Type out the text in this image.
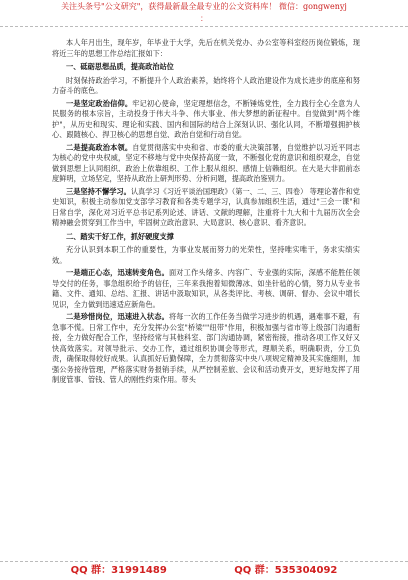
关注头条号"公文研究"，获得最新最全最专业的公文资料库！ 微信：gongwenyj
：

本人年月出生，现年岁，年毕业于大学，先后在机关党办、办公室等科室经历岗位锻炼，现将近三年的思想工作总结汇报如下：

一、砥砺思想品质，提高政治站位

时刻保持政治学习，不断提升个人政治素养，始终将个人政治建设作为成长进步的底座和努力奋斗的底色。

一是坚定政治信仰。牢记初心使命，坚定理想信念，不断锤炼党性，全力践行全心全意为人民服务的根本宗旨，主动投身于伟大斗争、伟大事业、伟大梦想的新征程中。自觉做到"两个维护"，从历史和现实、理论和实践、国内和国际的结合上深刻认识、强化认同，不断增强拥护核心、跟随核心、捍卫核心的思想自觉、政治自觉和行动自觉。

二是提高政治本领。自觉贯彻落实中央和省、市委的重大决策部署，自觉维护以习近平同志为核心的党中央权威，坚定不移地与党中央保持高度一致，不断强化党的意识和组织观念，自觉做到思想上认同组织、政治上依靠组织、工作上服从组织、感情上信赖组织。在大是大非面前态度鲜明，立场坚定，坚持从政治上研判形势、分析问题，提高政治鉴别力。

三是坚持不懈学习。认真学习《习近平谈治国理政》（第一、二、三、四卷） 等理论著作和党史知识，积极主动参加党支部学习教育和各类专题学习，认真参加组织生活，通过"三会一课"和日常自学，深化对习近平总书记系列论述、讲话、文献的理解，注重将十九大和十九届历次全会精神融会贯穿到工作当中，牢固树立政治意识、大局意识、核心意识、看齐意识。

二、踏实干好工作，抓好硬度支撑

充分认识到本职工作的重要性，为事业发展而努力的光荣性，坚持唯实唯干，务求实绩实效。

一是端正心态，迅速转变角色。面对工作头绪多、内容广、专业强的实际，深感不能胜任领导交付的任务，事急组织给予的信任，三年来我抱着知微薄冰、如坐针毡的心情，努力从专业书籍、文件、通知、总结、汇报、讲话中汲取知识，从各类评比、考核、调研、督办、会议中增长见识，全力做到迅速适应新角色。

二是珍惜岗位，迅速进入状态。将每一次的工作任务当做学习进步的机遇，遇难事不避，有急事不慌。日常工作中，充分发挥办公室"桥梁""纽带"作用，积极加强与省市等上级部门沟通衔接，全力做好配合工作，坚持经常与其他科室、部门沟通协调，紧密衔接，推动各项工作又好又快高效落实。对领导批示、交办工作，通过组织协调会等形式，理顺关系，明确职责，分工负责，确保取得较好成果。认真抓好后勤保障，全力贯彻落实中央八项规定精神及其实施细则，加强公务接待管理，严格落实财务报销手续，从严控制差旅、会议和活动费开支，更好地发挥了用制度管事、管钱、管人的刚性约束作用。带头

QQ 群：31991489	QQ 群：535304092
